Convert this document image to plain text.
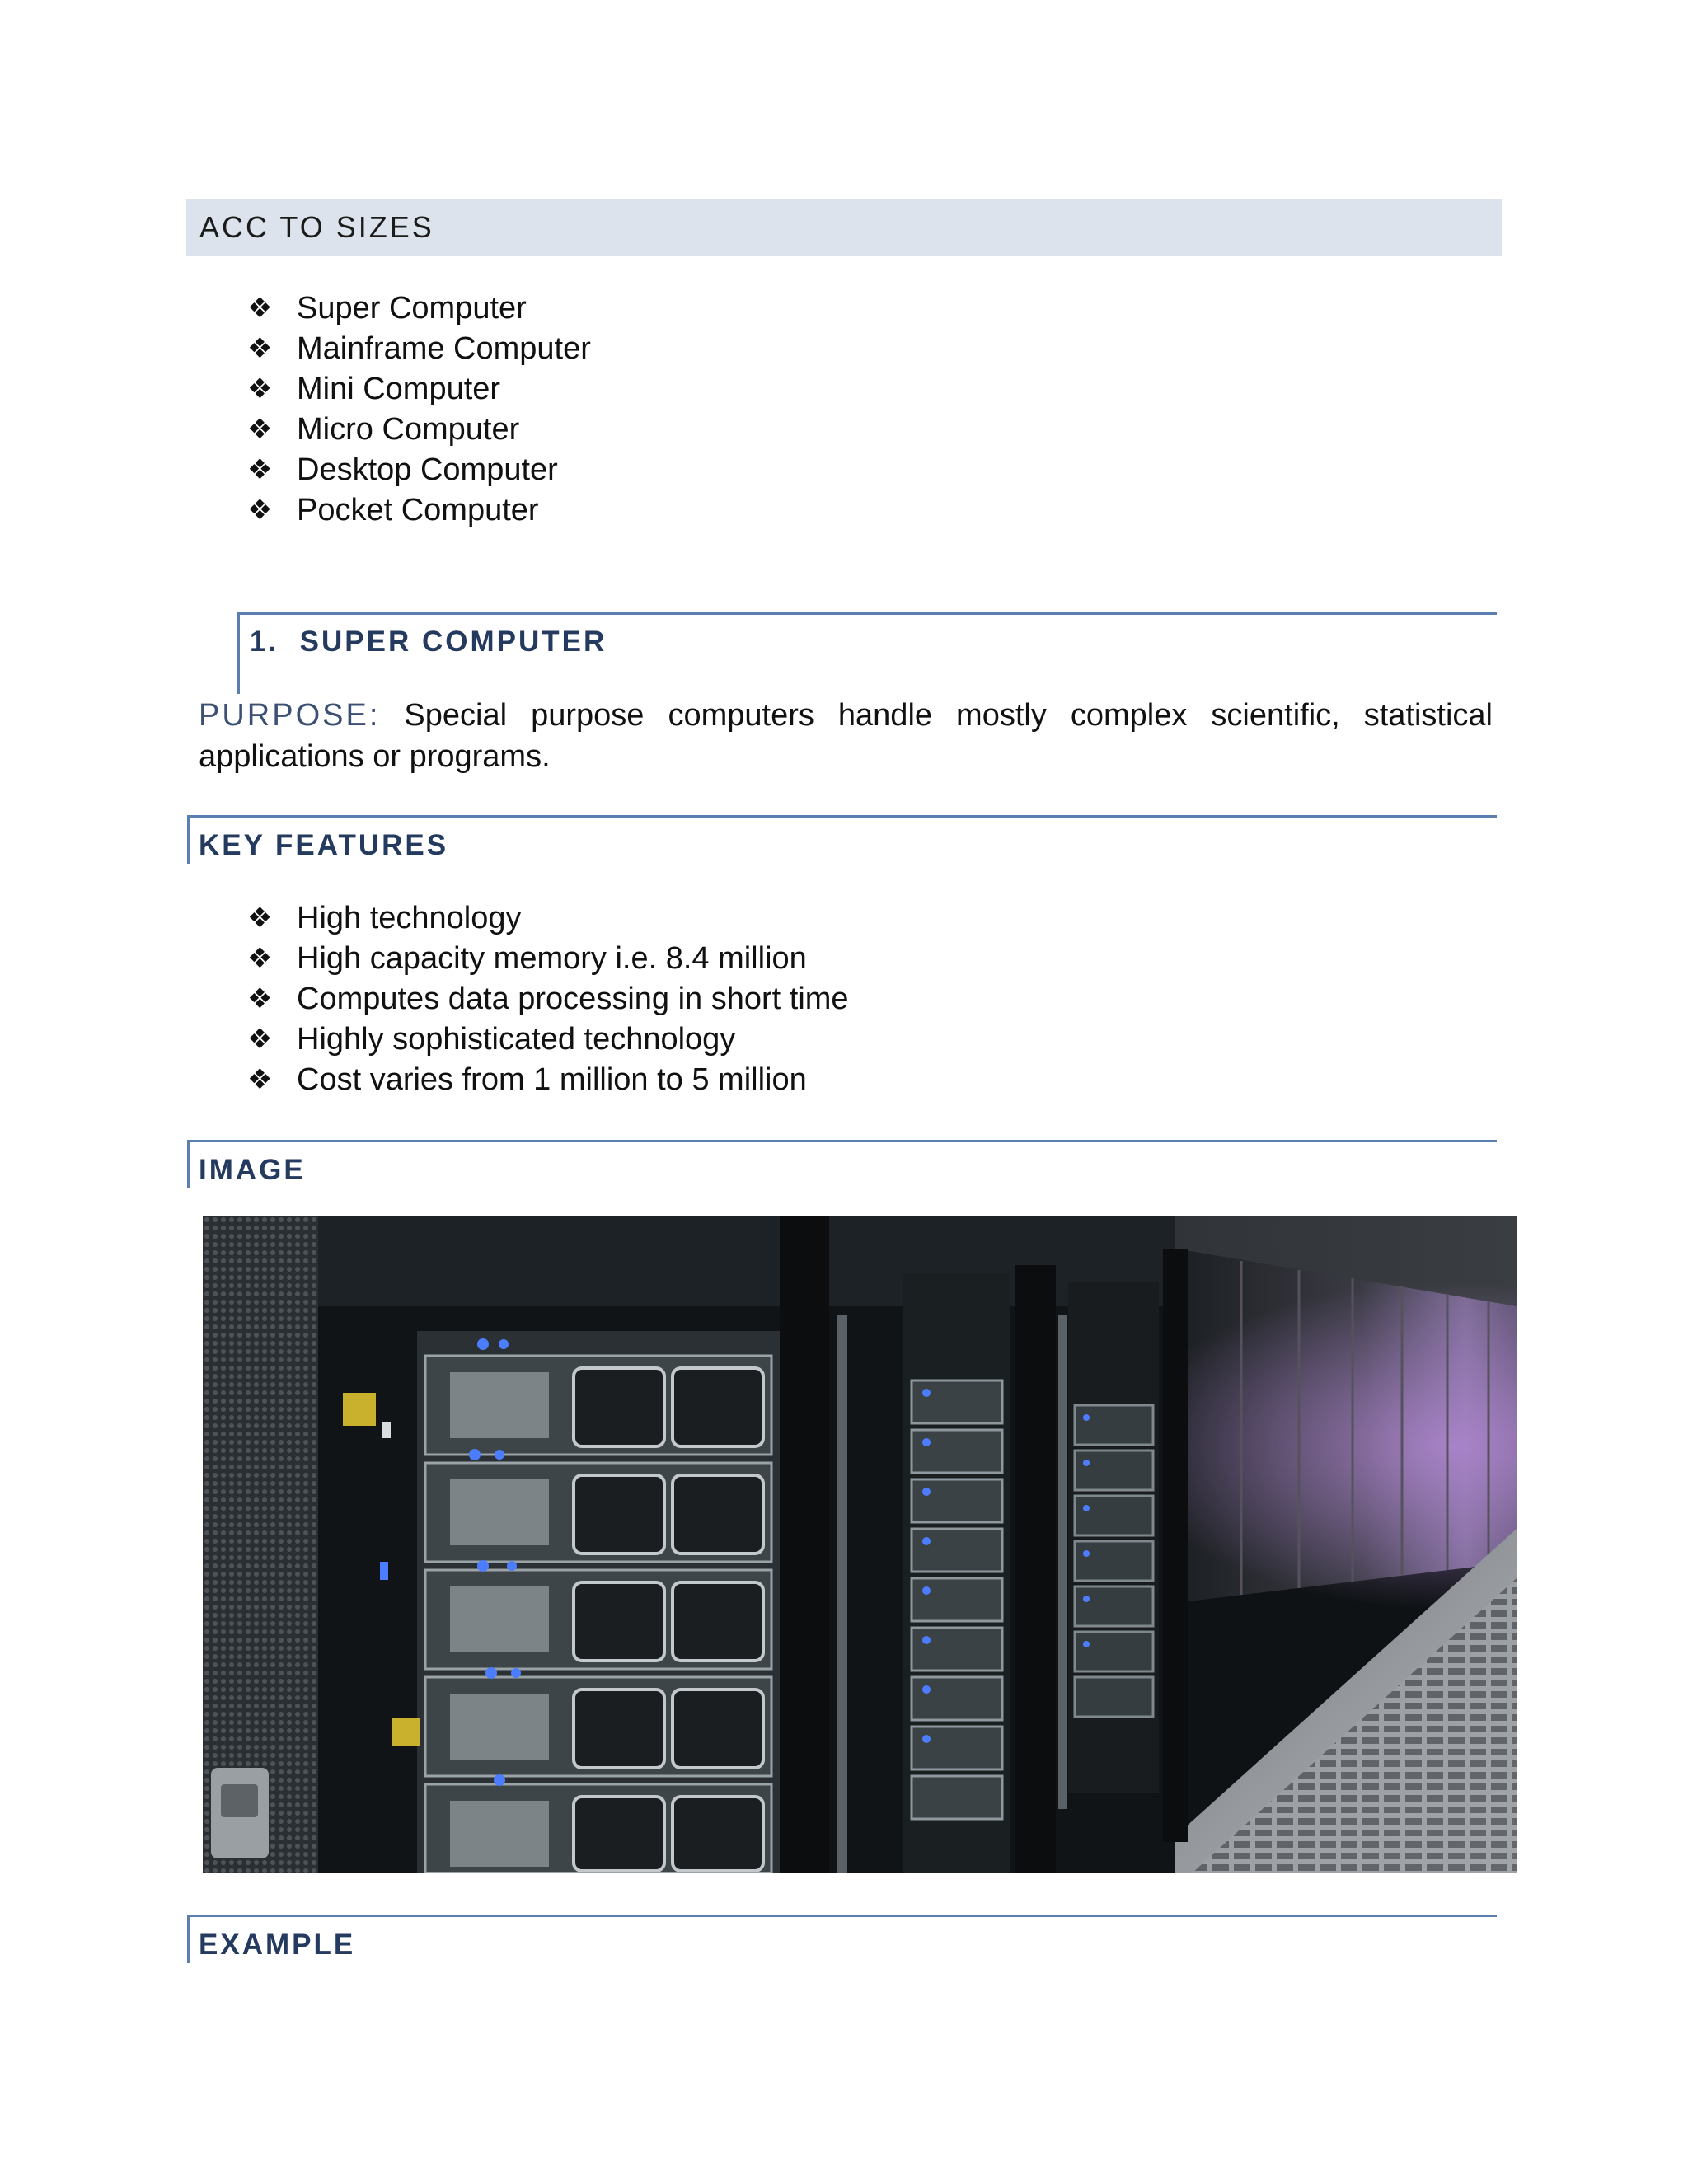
ACC TO SIZES
❖ Super Computer
❖ Mainframe Computer
❖ Mini Computer
❖ Micro Computer
❖ Desktop Computer
❖ Pocket Computer
1.  SUPER COMPUTER
PURPOSE: Special purpose computers handle mostly complex scientific, statistical applications or programs.
KEY FEATURES
❖ High technology
❖ High capacity memory i.e. 8.4 million
❖ Computes data processing in short time
❖ Highly sophisticated technology
❖ Cost varies from 1 million to 5 million
IMAGE
EXAMPLE
